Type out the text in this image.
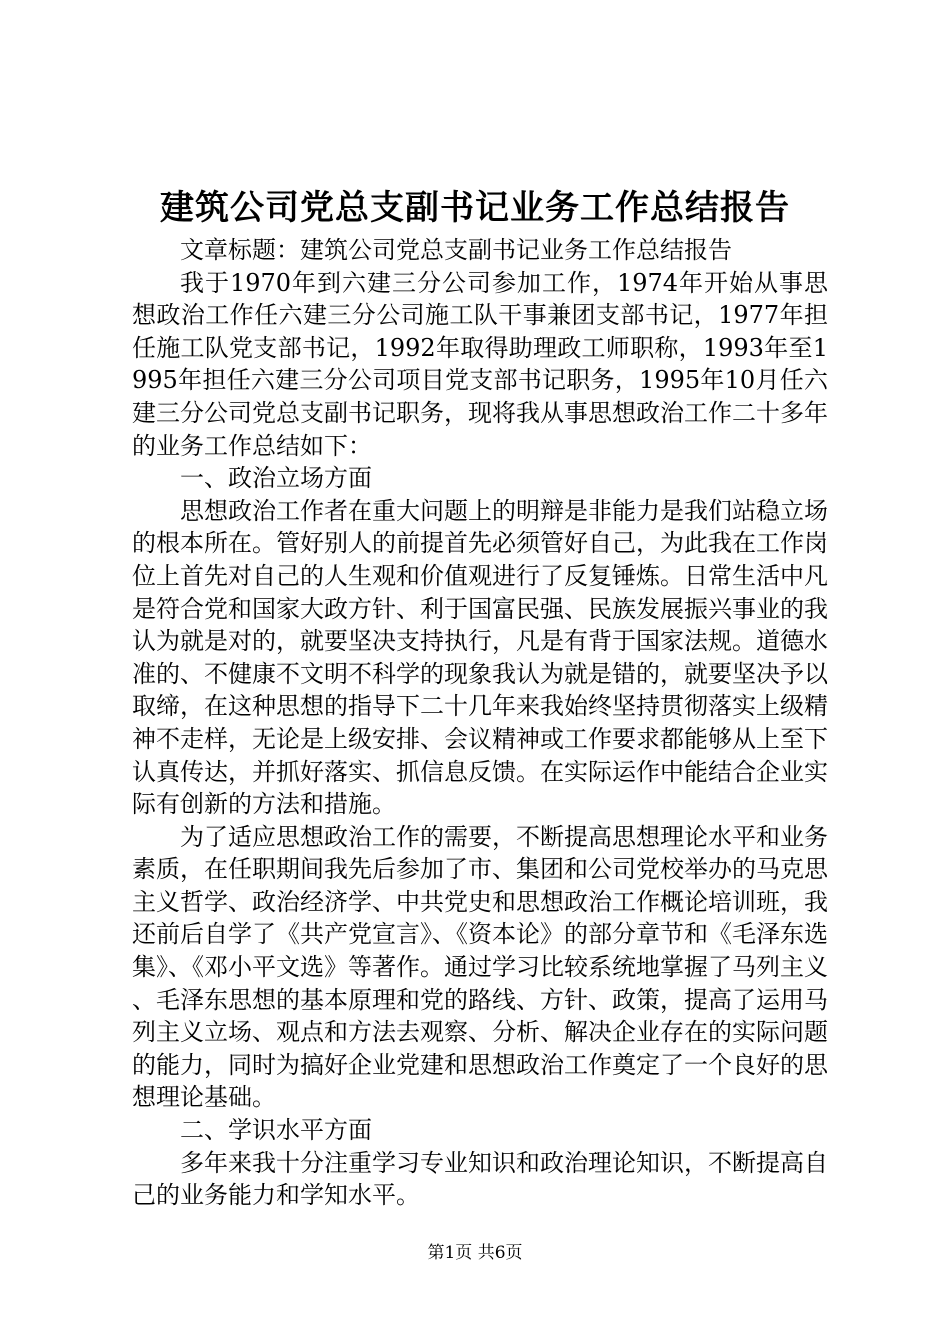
建筑公司党总支副书记业务工作总结报告

文章标题：建筑公司党总支副书记业务工作总结报告

我于1970年到六建三分公司参加工作，1974年开始从事思想政治工作任六建三分公司施工队干事兼团支部书记，1977年担任施工队党支部书记，1992年取得助理政工师职称，1993年至1995年担任六建三分公司项目党支部书记职务，1995年10月任六建三分公司党总支副书记职务，现将我从事思想政治工作二十多年的业务工作总结如下：

一、政治立场方面

思想政治工作者在重大问题上的明辩是非能力是我们站稳立场的根本所在。管好别人的前提首先必须管好自己，为此我在工作岗位上首先对自己的人生观和价值观进行了反复锤炼。日常生活中凡是符合党和国家大政方针、利于国富民强、民族发展振兴事业的我认为就是对的，就要坚决支持执行，凡是有背于国家法规。道德水准的、不健康不文明不科学的现象我认为就是错的，就要坚决予以取缔，在这种思想的指导下二十几年来我始终坚持贯彻落实上级精神不走样，无论是上级安排、会议精神或工作要求都能够从上至下认真传达，并抓好落实、抓信息反馈。在实际运作中能结合企业实际有创新的方法和措施。

为了适应思想政治工作的需要，不断提高思想理论水平和业务素质，在任职期间我先后参加了市、集团和公司党校举办的马克思主义哲学、政治经济学、中共党史和思想政治工作概论培训班，我还前后自学了《共产党宣言》、《资本论》的部分章节和《毛泽东选集》、《邓小平文选》等著作。通过学习比较系统地掌握了马列主义、毛泽东思想的基本原理和党的路线、方针、政策，提高了运用马列主义立场、观点和方法去观察、分析、解决企业存在的实际问题的能力，同时为搞好企业党建和思想政治工作奠定了一个良好的思想理论基础。

二、学识水平方面

多年来我十分注重学习专业知识和政治理论知识，不断提高自己的业务能力和学知水平。

第1页 共6页
